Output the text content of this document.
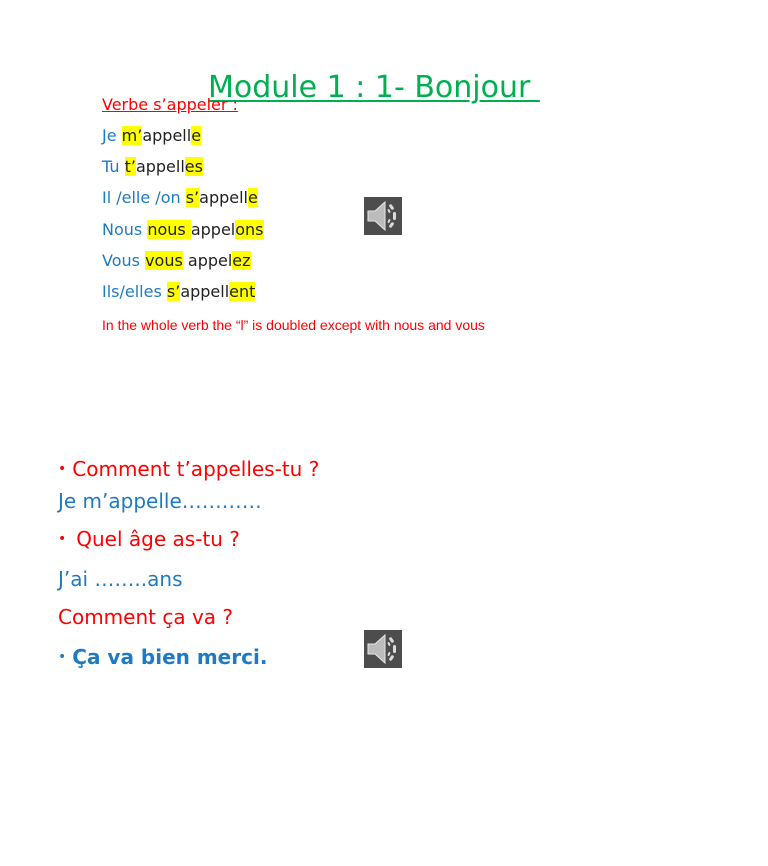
Module 1 : 1- Bonjour
Verbe s’appeler :
Je m’appelle
Tu t’appelles
Il /elle /on s’appelle
Nous nous appelons
Vous vous appelez
Ils/elles s’appellent
In the whole verb the “l” is doubled except with nous and vous
• Comment t’appelles-tu ?
Je m’appelle…………
• Quel âge as-tu ?
J’ai ……..ans
Comment ça va ?
• Ça va bien merci.
